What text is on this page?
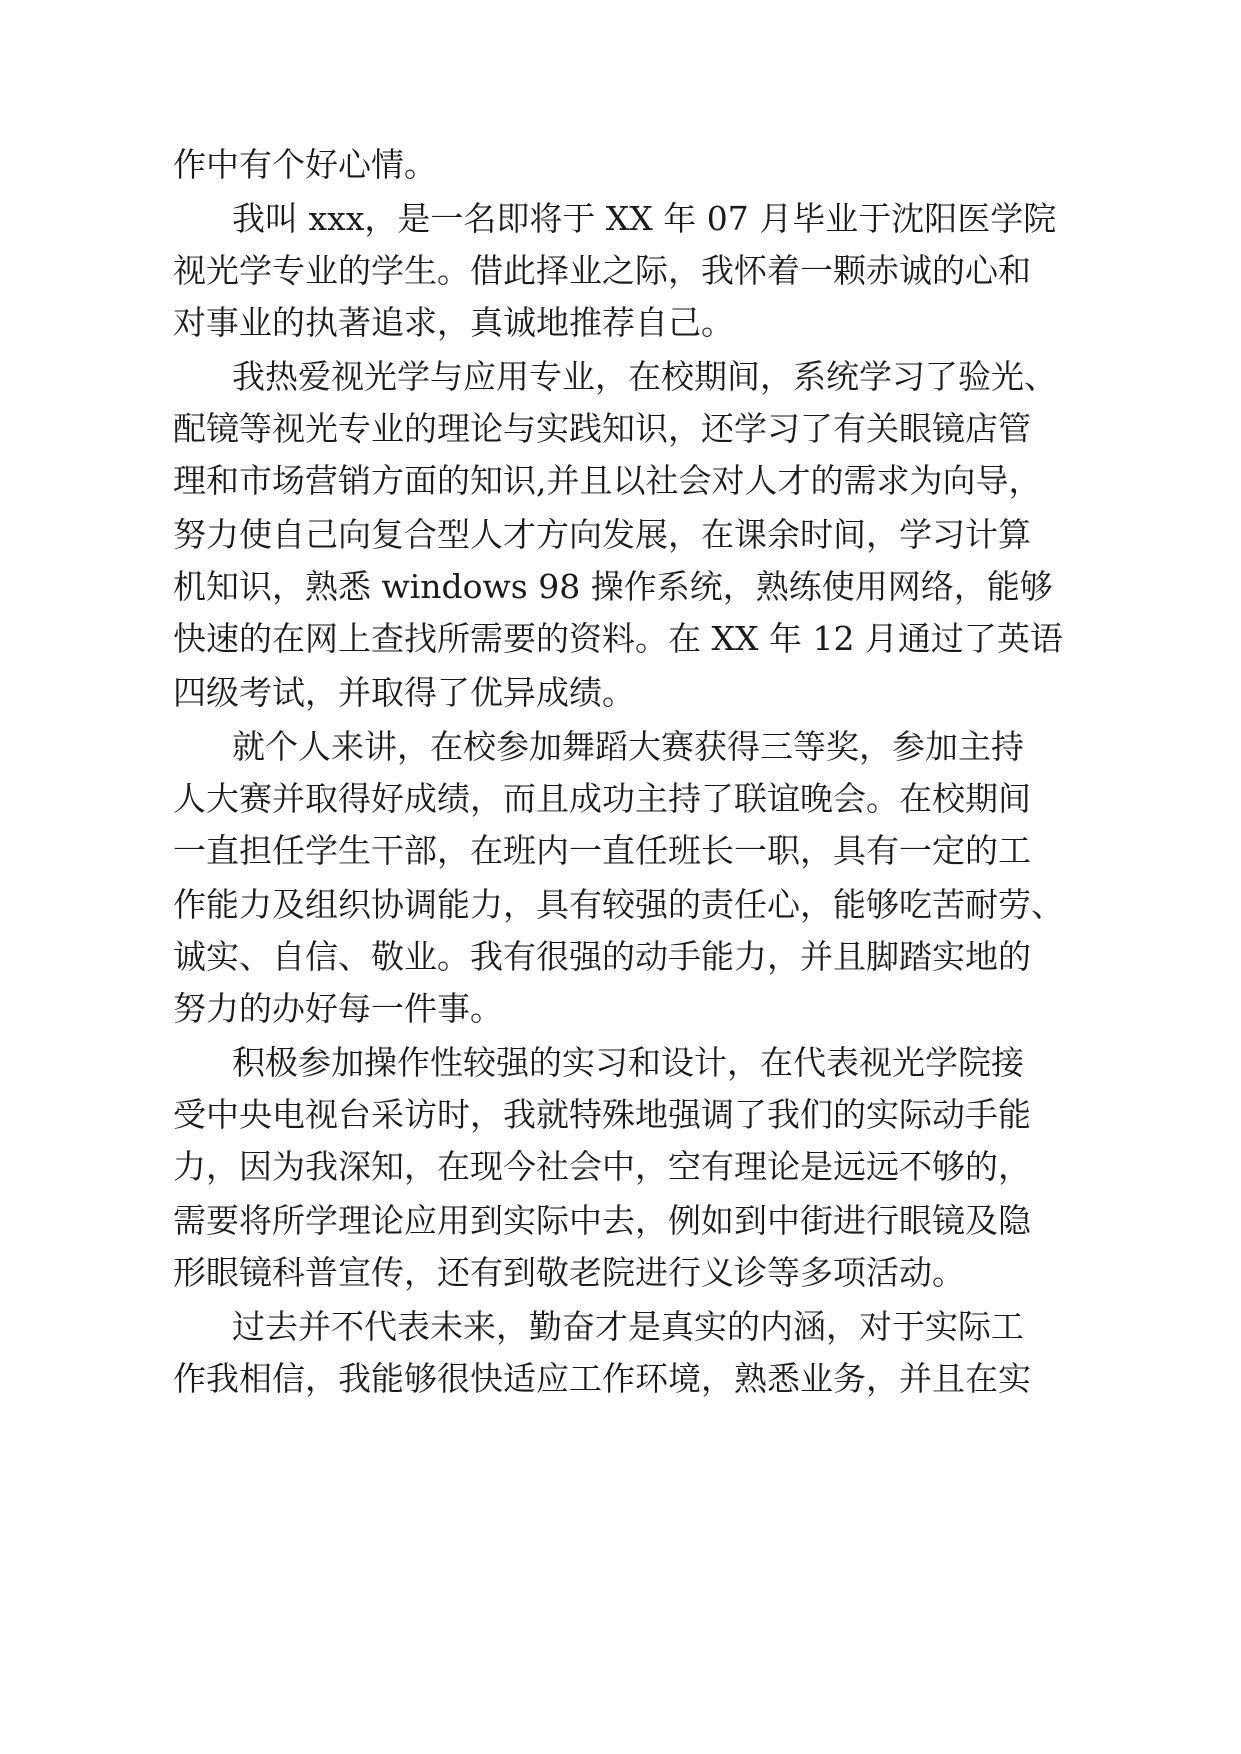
作中有个好心情。
我叫 xxx，是一名即将于 XX 年 07 月毕业于沈阳医学院
视光学专业的学生。借此择业之际，我怀着一颗赤诚的心和
对事业的执著追求，真诚地推荐自己。
我热爱视光学与应用专业，在校期间，系统学习了验光、
配镜等视光专业的理论与实践知识，还学习了有关眼镜店管
理和市场营销方面的知识,并且以社会对人才的需求为向导，
努力使自己向复合型人才方向发展，在课余时间，学习计算
机知识，熟悉 windows 98 操作系统，熟练使用网络，能够
快速的在网上查找所需要的资料。在 XX 年 12 月通过了英语
四级考试，并取得了优异成绩。
就个人来讲，在校参加舞蹈大赛获得三等奖，参加主持
人大赛并取得好成绩，而且成功主持了联谊晚会。在校期间
一直担任学生干部，在班内一直任班长一职，具有一定的工
作能力及组织协调能力，具有较强的责任心，能够吃苦耐劳、
诚实、自信、敬业。我有很强的动手能力，并且脚踏实地的
努力的办好每一件事。
积极参加操作性较强的实习和设计，在代表视光学院接
受中央电视台采访时，我就特殊地强调了我们的实际动手能
力，因为我深知，在现今社会中，空有理论是远远不够的，
需要将所学理论应用到实际中去，例如到中街进行眼镜及隐
形眼镜科普宣传，还有到敬老院进行义诊等多项活动。
过去并不代表未来，勤奋才是真实的内涵，对于实际工
作我相信，我能够很快适应工作环境，熟悉业务，并且在实
